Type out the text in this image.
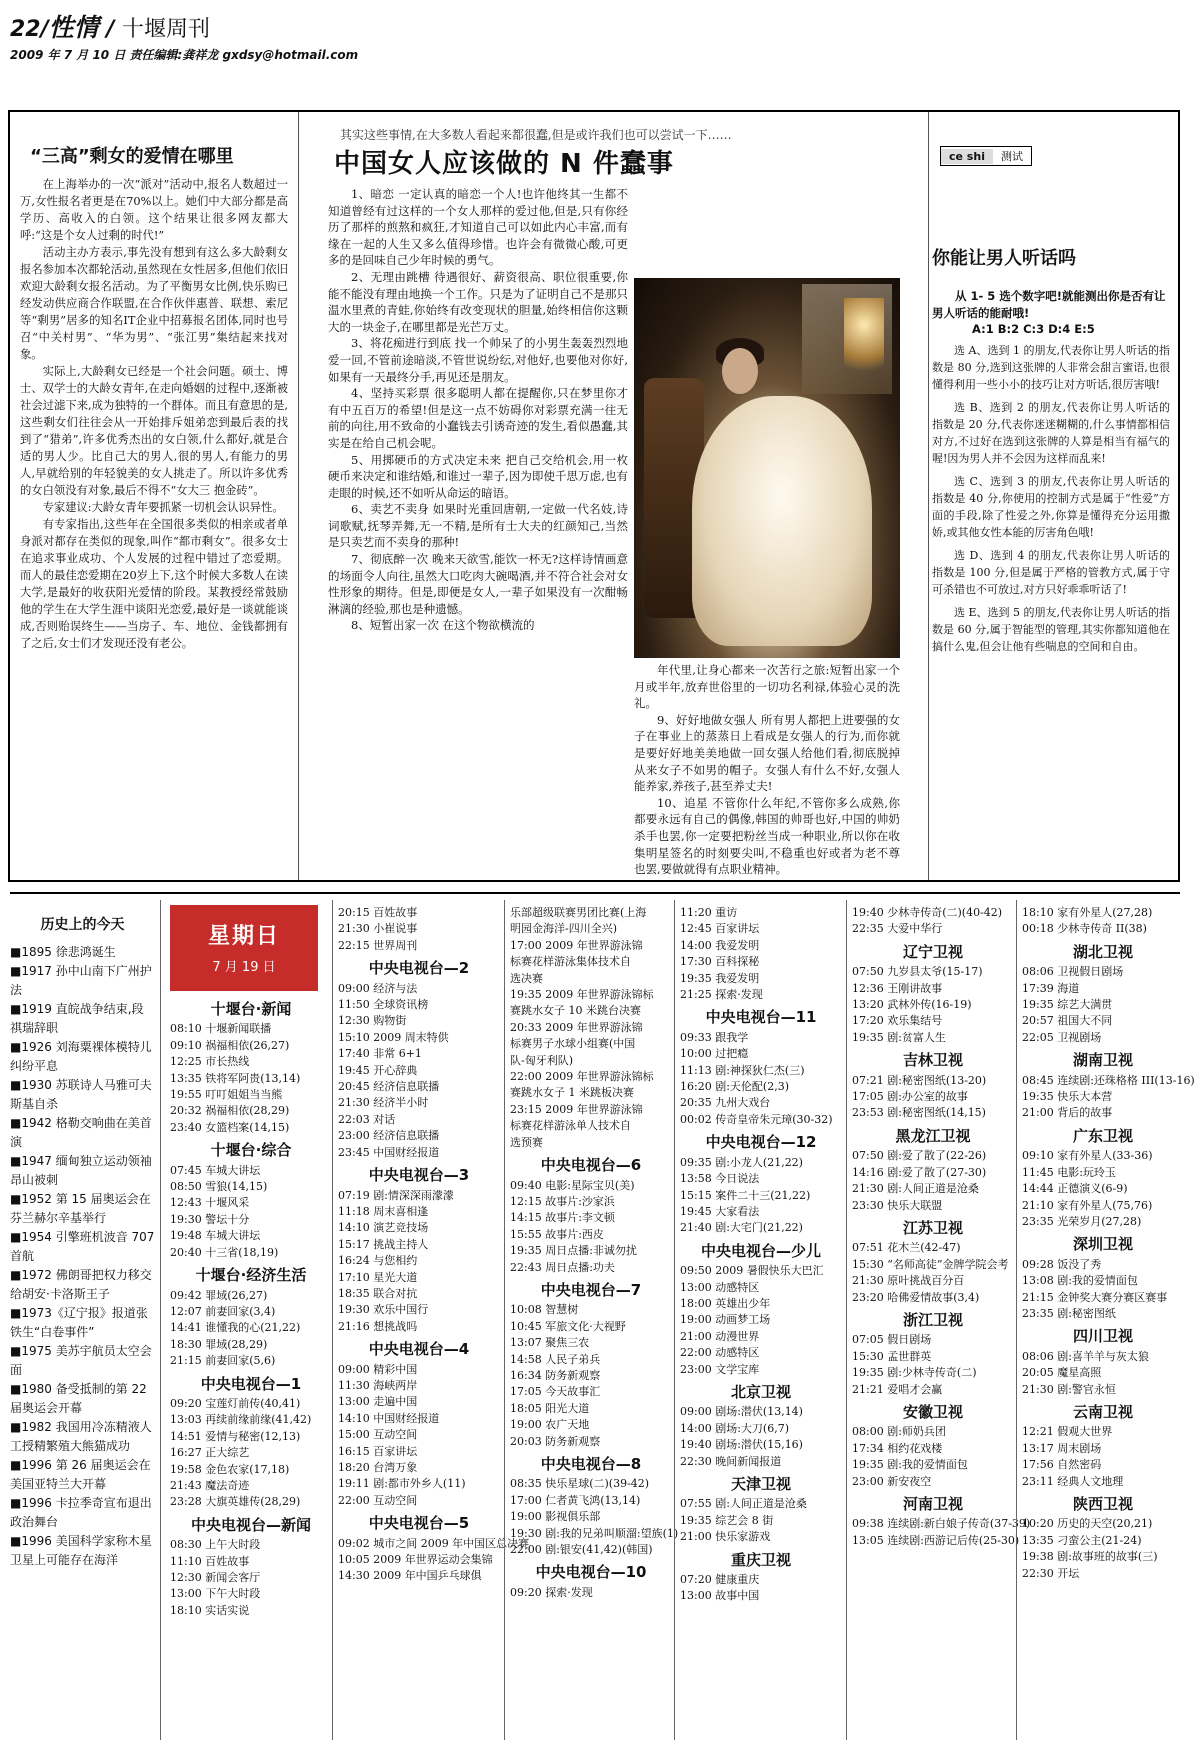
22/性情 / 十堰周刊
2009 年 7 月 10 日 责任编辑:龚祥龙 gxdsy@hotmail.com
“三高”剩女的爱情在哪里

在上海举办的一次“派对”活动中,报名人数超过一万,女性报名者更是在70%以上。她们中大部分都是高学历、高收入的白领。这个结果让很多网友都大呼:“这是个女人过剩的时代!”

活动主办方表示,事先没有想到有这么多大龄剩女报名参加本次都轮活动,虽然现在女性居多,但他们依旧欢迎大龄剩女报名活动。为了平衡男女比例,快乐购已经发动供应商合作联盟,在合作伙伴惠普、联想、索尼等“剩男”居多的知名IT企业中招募报名团体,同时也号召“中关村男”、“华为男”、“张江男”集结起来找对象。

实际上,大龄剩女已经是一个社会问题。硕士、博士、双学士的大龄女青年,在走向婚姻的过程中,逐渐被社会过滤下来,成为独特的一个群体。而且有意思的是,这些剩女们往往会从一开始排斥姐弟恋到最后表的找到了“猎弟”,许多优秀杰出的女白领,什么都好,就是合适的男人少。比自己大的男人,很的男人,有能力的男人,早就给别的年轻貌美的女人挑走了。所以许多优秀的女白领没有对象,最后不得不“女大三 抱金砖”。

专家建议:大龄女青年要抓紧一切机会认识异性。

有专家指出,这些年在全国很多类似的相亲或者单身派对都存在类似的现象,叫作“都市剩女”。很多女士在追求事业成功、个人发展的过程中错过了恋爱期。而人的最佳恋爱期在20岁上下,这个时候大多数人在读大学,是最好的收获阳光爱情的阶段。某教授经常鼓励他的学生在大学生涯中谈阳光恋爱,最好是一谈就能谈成,否则贻误终生——当房子、车、地位、金钱都拥有了之后,女士们才发现还没有老公。

其实这些事情,在大多数人看起来都很蠢,但是或许我们也可以尝试一下……
中国女人应该做的 N 件蠢事

1、暗恋 一定认真的暗恋一个人!也许他终其一生都不知道曾经有过这样的一个女人那样的爱过他,但是,只有你经历了那样的煎熬和疯狂,才知道自己可以如此内心丰富,而有缘在一起的人生又多么值得珍惜。也许会有微微心酸,可更多的是回味自己少年时候的勇气。

2、无理由跳槽 待遇很好、薪资很高、职位很重要,你能不能没有理由地换一个工作。只是为了证明自己不是那只温水里煮的青蛙,你始终有改变现状的胆量,始终相信你这颗大的一块金子,在哪里都是光芒万丈。

3、将花痴进行到底 找一个帅呆了的小男生轰轰烈烈地爱一回,不管前途暗淡,不管世说纷纭,对他好,也要他对你好,如果有一天最终分手,再见还是朋友。

4、坚持买彩票 很多聪明人都在提醒你,只在梦里你才有中五百万的希望!但是这一点不妨碍你对彩票充满一往无前的向往,用不致命的小蠢钱去引诱奇迹的发生,看似愚蠢,其实是在给自己机会呢。

5、用掷硬币的方式决定未来 把自己交给机会,用一枚硬币来决定和谁结婚,和谁过一辈子,因为即使千思万虑,也有走眼的时候,还不如听从命运的暗语。

6、卖艺不卖身 如果时光重回唐朝,一定做一代名妓,诗词歌赋,抚琴弄舞,无一不精,是所有士大夫的红颜知己,当然是只卖艺而不卖身的那种!

7、彻底醉一次 晚来天欲雪,能饮一杯无?这样诗情画意的场面令人向往,虽然大口吃肉大碗喝酒,并不符合社会对女性形象的期待。但是,即便是女人,一辈子如果没有一次酣畅淋漓的经验,那也是种遗憾。

8、短暂出家一次 在这个物欲横流的

年代里,让身心都来一次苦行之旅:短暂出家一个月或半年,放弃世俗里的一切功名利禄,体验心灵的洗礼。

9、好好地做女强人 所有男人都把上进要强的女子在事业上的蒸蒸日上看成是女强人的行为,而你就是要好好地美美地做一回女强人给他们看,彻底脱掉从来女子不如男的帽子。女强人有什么不好,女强人能养家,养孩子,甚至养丈夫!

10、追星 不管你什么年纪,不管你多么成熟,你都要永远有自己的偶像,韩国的帅哥也好,中国的帅奶杀手也罢,你一定要把粉丝当成一种职业,所以你在收集明星签名的时刻要尖叫,不稳重也好或者为老不尊也罢,要做就得有点职业精神。

ce shi 测试
你能让男人听话吗
从 1- 5 选个数字吧!就能测出你是否有让男人听话的能耐哦!
A:1 B:2 C:3 D:4 E:5

选 A、选到 1 的朋友,代表你让男人听话的指数是 80 分,选到这张牌的人非常会甜言蜜语,也很懂得利用一些小小的技巧让对方听话,很厉害哦!

选 B、选到 2 的朋友,代表你让男人听话的指数是 20 分,代表你迷迷糊糊的,什么事情都相信对方,不过好在选到这张牌的人算是相当有福气的喔!因为男人并不会因为这样而乱来!

选 C、选到 3 的朋友,代表你让男人听话的指数是 40 分,你使用的控制方式是属于“性爱”方面的手段,除了性爱之外,你算是懂得充分运用撒娇,或其他女性本能的厉害角色哦!

选 D、选到 4 的朋友,代表你让男人听话的指数是 100 分,但是属于严格的管教方式,属于守可杀错也不可放过,对方只好乖乖听话了!

选 E、选到 5 的朋友,代表你让男人听话的指数是 60 分,属于智能型的管理,其实你都知道他在搞什么鬼,但会让他有些喘息的空间和自由。

历史上的今天
■1895 徐悲鸿诞生
■1917 孙中山南下广州护法
■1919 直皖战争结束,段祺瑞辞职
■1926 刘海粟裸体模特儿纠纷平息
■1930 苏联诗人马雅可夫斯基自杀
■1942 格勒交响曲在美首演
■1947 缅甸独立运动领袖昂山被刺
■1952 第 15 届奥运会在芬兰赫尔辛基举行
■1954 引擎班机波音 707 首航
■1972 佛朗哥把权力移交给胡安·卡洛斯王子
■1973《辽宁报》报道张铁生“白卷事件”
■1975 美苏宇航员太空会面
■1980 备受抵制的第 22 届奥运会开幕
■1982 我国用冷冻精液人工授精繁殖大熊猫成功
■1996 第 26 届奥运会在美国亚特兰大开幕
■1996 卡拉季奇宣布退出政治舞台
■1996 美国科学家称木星卫星上可能存在海洋
星期日
7 月 19 日
十堰台·新闻
08:10 十堰新闻联播
09:10 祸福相依(26,27)
12:25 市长热线
13:35 铁将军阿贵(13,14)
19:55 叮叮姐姐当当熊
20:32 祸福相依(28,29)
23:40 女篮档案(14,15)
十堰台·综合
07:45 车城大讲坛
08:50 雪狼(14,15)
12:43 十堰风采
19:30 警坛十分
19:48 车城大讲坛
20:40 十三省(18,19)
十堰台·经济生活
09:42 罪域(26,27)
12:07 前妻回家(3,4)
14:41 谁懂我的心(21,22)
18:30 罪域(28,29)
21:15 前妻回家(5,6)
中央电视台—1
09:20 宝莲灯前传(40,41)
13:03 再续前缘前缘(41,42)
14:51 爱情与秘密(12,13)
16:27 正大综艺
19:58 金色农家(17,18)
21:43 魔法奇迹
23:28 大旗英雄传(28,29)
中央电视台—新闻
08:30 上午大时段
11:10 百姓故事
12:30 新闻会客厅
13:00 下午大时段
18:10 实话实说
20:15 百姓故事
21:30 小崔说事
22:15 世界周刊
中央电视台—2
09:00 经济与法
11:50 全球资讯榜
12:30 购物街
15:10 2009 周末特供
17:40 非常 6+1
19:45 开心辞典
20:45 经济信息联播
21:30 经济半小时
22:03 对话
23:00 经济信息联播
23:45 中国财经报道
中央电视台—3
07:19 剧:情深深雨濛濛
11:18 周末喜相逢
14:10 演艺竞技场
15:17 挑战主持人
16:24 与您相约
17:10 星光大道
18:35 联合对抗
19:30 欢乐中国行
21:16 想挑战吗
中央电视台—4
09:00 精彩中国
11:30 海峡两岸
13:00 走遍中国
14:10 中国财经报道
15:00 互动空间
16:15 百家讲坛
18:20 台湾万象
19:11 剧:都市外乡人(11)
22:00 互动空间
中央电视台—5
09:02 城市之间 2009 年中国区总决赛
10:05 2009 年世界运动会集锦
14:30 2009 年中国乒乓球俱
乐部超级联赛男团比赛(上海
明园金海洋-四川全兴)
17:00 2009 年世界游泳锦
标赛花样游泳集体技术自
选决赛
19:35 2009 年世界游泳锦标
赛跳水女子 10 米跳台决赛
20:33 2009 年世界游泳锦
标赛男子水球小组赛(中国
队-匈牙利队)
22:00 2009 年世界游泳锦标
赛跳水女子 1 米跳板决赛
23:15 2009 年世界游泳锦
标赛花样游泳单人技术自
选预赛
中央电视台—6
09:40 电影:星际宝贝(美)
12:15 故事片:沙家浜
14:15 故事片:李文顿
15:55 故事片:西皮
19:35 周日点播:非诚勿扰
22:43 周日点播:功夫
中央电视台—7
10:08 智慧树
10:45 军旅文化·大视野
13:07 聚焦三农
14:58 人民子弟兵
16:34 防务新观察
17:05 今天故事汇
18:05 阳光大道
19:00 农广天地
20:03 防务新观察
中央电视台—8
08:35 快乐星球(二)(39-42)
17:00 仁者黄飞鸿(13,14)
19:00 影视俱乐部
19:30 剧:我的兄弟叫顺溜:望族(1)
22:00 剧:银安(41,42)(韩国)
中央电视台—10
09:20 探索·发现
11:20 重访
12:45 百家讲坛
14:00 我爱发明
17:30 百科探秘
19:35 我爱发明
21:25 探索·发现
中央电视台—11
09:33 跟我学
10:00 过把瘾
11:13 剧:神探狄仁杰(三)
16:20 剧:天伦配(2,3)
20:35 九州大戏台
00:02 传奇皇帝朱元璋(30-32)
中央电视台—12
09:35 剧:小龙人(21,22)
13:58 今日说法
15:15 案件二十三(21,22)
19:45 大家看法
21:40 剧:大宅门(21,22)
中央电视台—少儿
09:50 2009 暑假快乐大巴汇
13:00 动感特区
18:00 英雄出少年
19:00 动画梦工场
21:00 动漫世界
22:00 动感特区
23:00 文学宝库
北京卫视
09:00 剧场:潜伏(13,14)
14:00 剧场:大刀(6,7)
19:40 剧场:潜伏(15,16)
22:30 晚间新闻报道
天津卫视
07:55 剧:人间正道是沧桑
19:35 综艺会 8 街
21:00 快乐家游戏
重庆卫视
07:20 健康重庆
13:00 故事中国
19:40 少林寺传奇(二)(40-42)
22:35 大爱中华行
辽宁卫视
07:50 九岁县太爷(15-17)
12:36 王刚讲故事
13:20 武林外传(16-19)
17:20 欢乐集结号
19:35 剧:贫富人生
吉林卫视
07:21 剧:秘密图纸(13-20)
17:05 剧:办公室的故事
23:53 剧:秘密图纸(14,15)
黑龙江卫视
07:50 剧:爱了散了(22-26)
14:16 剧:爱了散了(27-30)
21:30 剧:人间正道是沧桑
23:30 快乐大联盟
江苏卫视
07:51 花木兰(42-47)
15:30 “名师高徒”金牌学院会考
21:30 原叶挑战百分百
23:20 哈佛爱情故事(3,4)
浙江卫视
07:05 假日剧场
15:30 孟世群英
19:35 剧:少林寺传奇(二)
21:21 爱唱才会赢
安徽卫视
08:00 剧:师奶兵团
17:34 相约花戏楼
19:35 剧:我的爱情面包
23:00 新安夜空
河南卫视
09:38 连续剧:新白娘子传奇(37-39)
13:05 连续剧:西游记后传(25-30)
18:10 家有外星人(27,28)
00:18 少林寺传奇 II(38)
湖北卫视
08:06 卫视假日剧场
17:39 海道
19:35 综艺大满贯
20:57 祖国大不同
22:05 卫视剧场
湖南卫视
08:45 连续剧:还珠格格 III(13-16)
19:35 快乐大本营
21:00 背后的故事
广东卫视
09:10 家有外星人(33-36)
11:45 电影:玩玲玉
14:44 正德演义(6-9)
21:10 家有外星人(75,76)
23:35 光荣岁月(27,28)
深圳卫视
09:28 饭没了秀
13:08 剧:我的爱情面包
21:15 金钟奖大赛分赛区赛事
23:35 剧:秘密图纸
四川卫视
08:06 剧:喜羊羊与灰太狼
20:05 魔星高照
21:30 剧:警官永恒
云南卫视
12:21 假观大世界
13:17 周末剧场
17:56 自然密码
23:11 经典人文地理
陕西卫视
10:20 历史的天空(20,21)
13:35 刁蛮公主(21-24)
19:38 剧:故事班的故事(三)
22:30 开坛
